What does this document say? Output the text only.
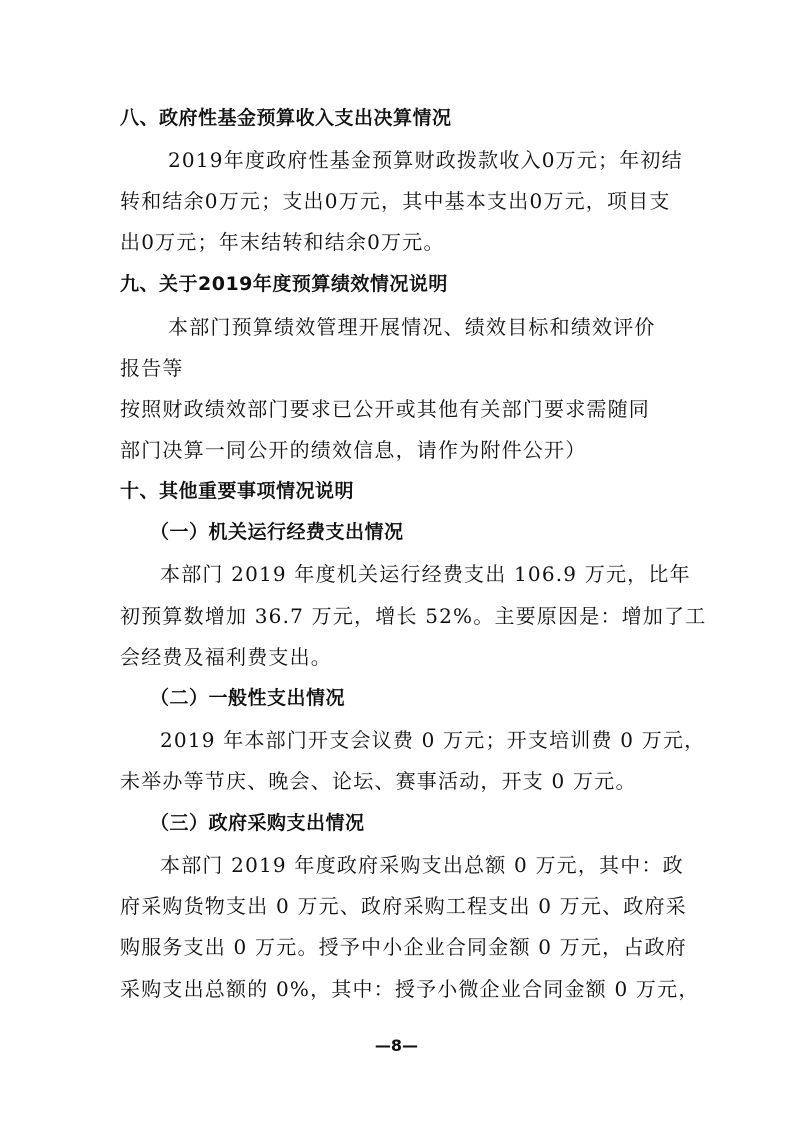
八、政府性基金预算收入支出决算情况
2019年度政府性基金预算财政拨款收入0万元；年初结
转和结余0万元；支出0万元，其中基本支出0万元，项目支
出0万元；年末结转和结余0万元。
九、关于2019年度预算绩效情况说明
本部门预算绩效管理开展情况、绩效目标和绩效评价
报告等
按照财政绩效部门要求已公开或其他有关部门要求需随同
部门决算一同公开的绩效信息，请作为附件公开）
十、其他重要事项情况说明
（一）机关运行经费支出情况
本部门 2019 年度机关运行经费支出 106.9 万元，比年
初预算数增加 36.7 万元，增长 52%。主要原因是：增加了工
会经费及福利费支出。
（二）一般性支出情况
2019 年本部门开支会议费 0 万元；开支培训费 0 万元，
未举办等节庆、晚会、论坛、赛事活动，开支 0 万元。
（三）政府采购支出情况
本部门 2019 年度政府采购支出总额 0 万元，其中：政
府采购货物支出 0 万元、政府采购工程支出 0 万元、政府采
购服务支出 0 万元。授予中小企业合同金额 0 万元，占政府
采购支出总额的 0%，其中：授予小微企业合同金额 0 万元，
—8—
